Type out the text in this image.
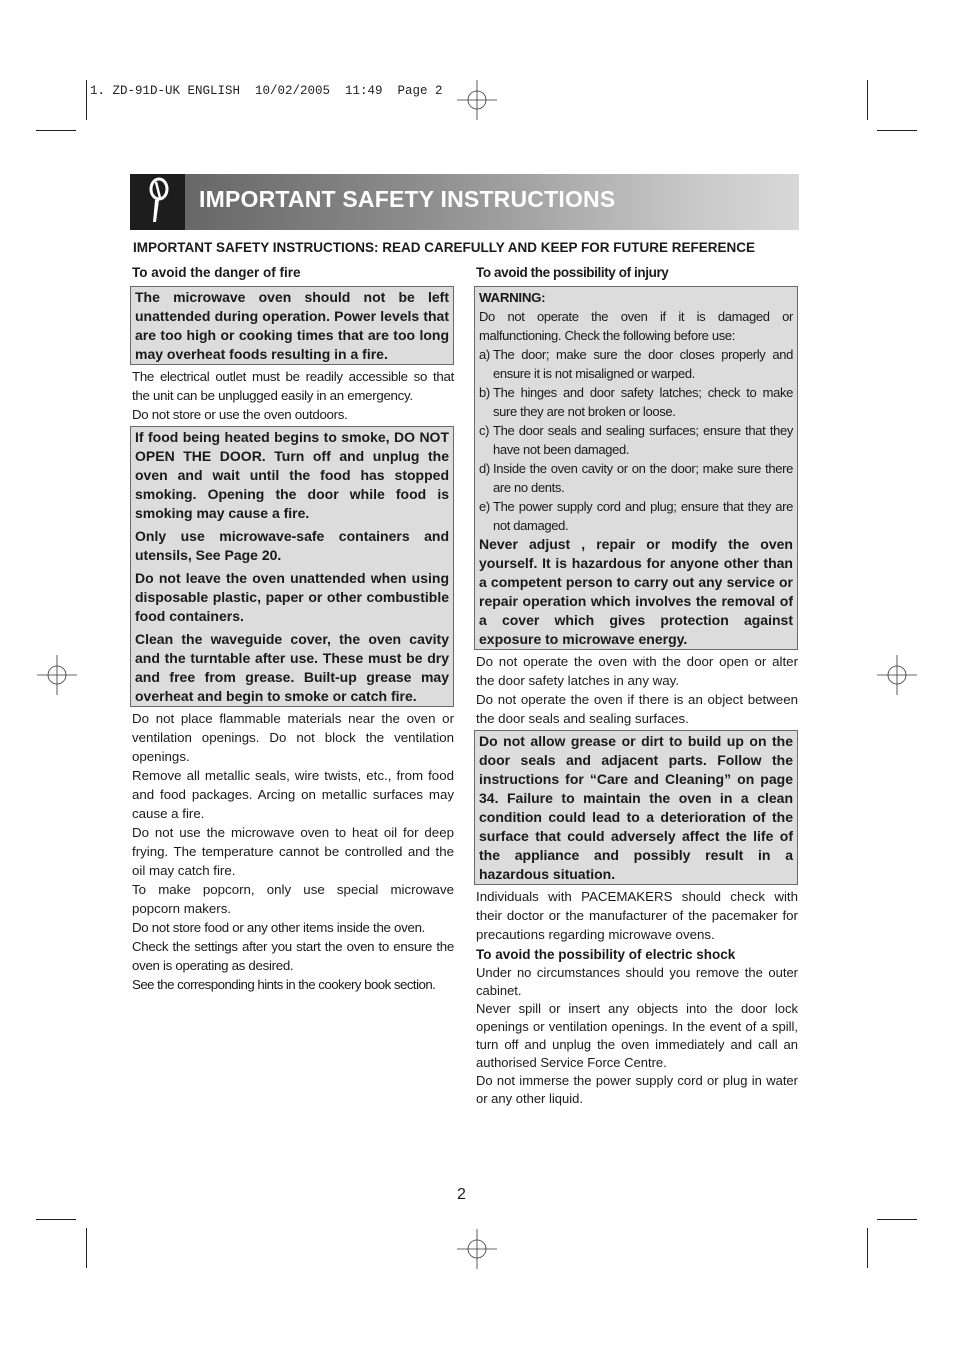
1. ZD-91D-UK ENGLISH  10/02/2005  11:49  Page 2
IMPORTANT SAFETY INSTRUCTIONS
IMPORTANT SAFETY INSTRUCTIONS: READ CAREFULLY AND KEEP FOR FUTURE REFERENCE
To avoid the danger of fire

The microwave oven should not be left unattended during operation. Power levels that are too high or cooking times that are too long may overheat foods resulting in a fire.

The electrical outlet must be readily accessible so that the unit can be unplugged easily in an emergency.

Do not store or use the oven outdoors.

If food being heated begins to smoke, DO NOT OPEN THE DOOR. Turn off and unplug the oven and wait until the food has stopped smoking. Opening the door while food is smoking may cause a fire.

Only use microwave-safe containers and utensils, See Page 20.

Do not leave the oven unattended when using disposable plastic, paper or other combustible food containers.

Clean the waveguide cover, the oven cavity and the turntable after use. These must be dry and free from grease. Built-up grease may overheat and begin to smoke or catch fire.

Do not place flammable materials near the oven or ventilation openings. Do not block the ventilation openings.

Remove all metallic seals, wire twists, etc., from food and food packages. Arcing on metallic surfaces may cause a fire.

Do not use the microwave oven to heat oil for deep frying. The temperature cannot be controlled and the oil may catch fire.

To make popcorn, only use special microwave popcorn makers.

Do not store food or any other items inside the oven.

Check the settings after you start the oven to ensure the oven is operating as desired.

See the corresponding hints in the cookery book section.

To avoid the possibility of injury

WARNING:

Do not operate the oven if it is damaged or malfunctioning. Check the following before use:

a) The door; make sure the door closes properly and ensure it is not misaligned or warped.
b) The hinges and door safety latches; check to make sure they are not broken or loose.
c) The door seals and sealing surfaces; ensure that they have not been damaged.
d) Inside the oven cavity or on the door; make sure there are no dents.
e) The power supply cord and plug; ensure that they are not damaged.

Never adjust , repair or modify the oven yourself. It is hazardous for anyone other than a competent person to carry out any service or repair operation which involves the removal of a cover which gives protection against exposure to microwave energy.

Do not operate the oven with the door open or alter the door safety latches in any way.

Do not operate the oven if there is an object between the door seals and sealing surfaces.

Do not allow grease or dirt to build up on the door seals and adjacent parts. Follow the instructions for “Care and Cleaning” on page 34. Failure to maintain the oven in a clean condition could lead to a deterioration of the surface that could adversely affect the life of the appliance and possibly result in a hazardous situation.

Individuals with PACEMAKERS should check with their doctor or the manufacturer of the pacemaker for precautions regarding microwave ovens.

To avoid the possibility of electric shock

Under no circumstances should you remove the outer cabinet.

Never spill or insert any objects into the door lock openings or ventilation openings. In the event of a spill, turn off and unplug the oven immediately and call an authorised Service Force Centre.

Do not immerse the power supply cord or plug in water or any other liquid.

2
